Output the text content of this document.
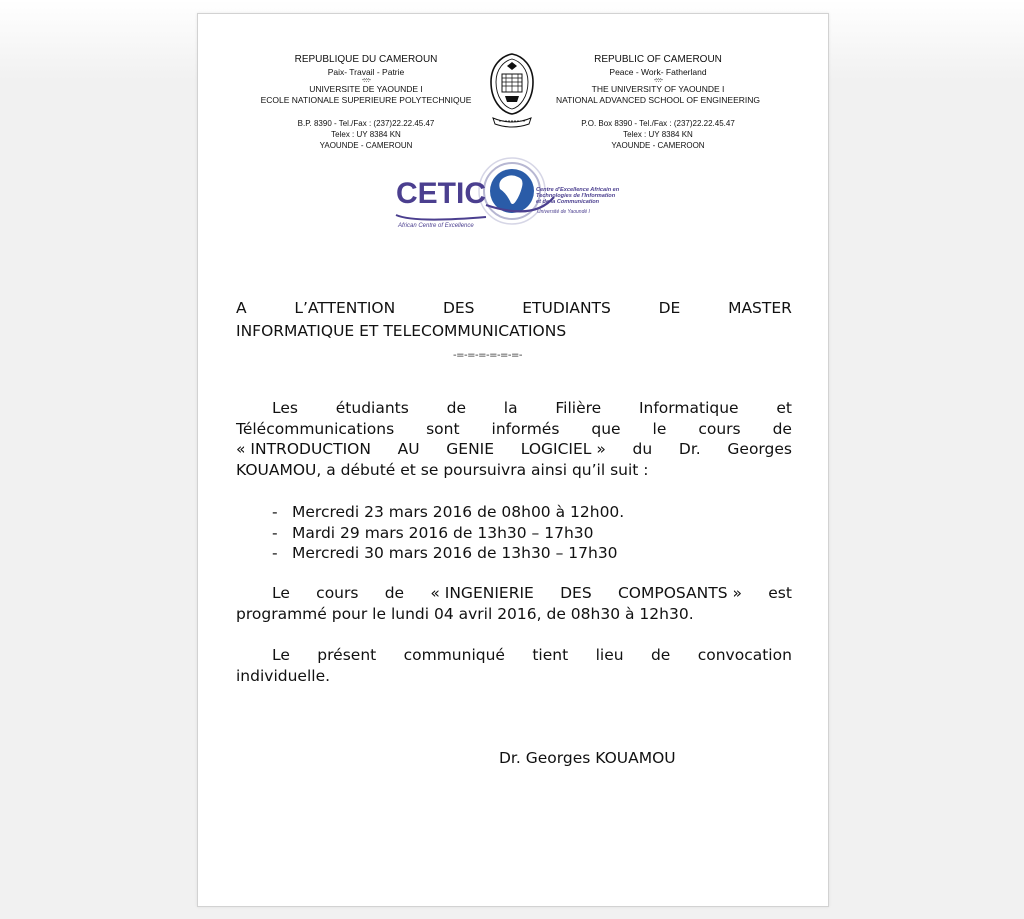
REPUBLIQUE DU CAMEROUN
Paix- Travail - Patrie
-:-:-:-
UNIVERSITE DE YAOUNDE I
ECOLE NATIONALE SUPERIEURE POLYTECHNIQUE
B.P. 8390 - Tel./Fax : (237)22.22.45.47
Telex : UY 8384 KN
YAOUNDE - CAMEROUN
REPUBLIC OF CAMEROUN
Peace - Work- Fatherland
-:-:-:-
THE UNIVERSITY OF YAOUNDE I
NATIONAL ADVANCED SCHOOL OF ENGINEERING
P.O. Box 8390 - Tel./Fax : (237)22.22.45.47
Telex : UY 8384 KN
YAOUNDE - CAMEROON
CETIC
African Centre of Excellence
Centre d'Excellence Africain en
Technologies de l'Information
et de la Communication
Université de Yaoundé I
A	L’ATTENTION	DES	ETUDIANTS	DE	MASTER
INFORMATIQUE ET TELECOMMUNICATIONS
-=-=-=-=-=-=-
Les étudiants de la Filière Informatique et
Télécommunications sont informés que le cours de
« INTRODUCTION AU GENIE LOGICIEL » du Dr. Georges
KOUAMOU, a débuté et se poursuivra ainsi qu’il suit :
- Mercredi 23 mars 2016 de 08h00 à 12h00.
- Mardi 29 mars 2016 de 13h30 – 17h30
- Mercredi 30 mars 2016 de 13h30 – 17h30
Le cours de « INGENIERIE DES COMPOSANTS » est
programmé pour le lundi 04 avril 2016, de 08h30 à 12h30.
Le présent communiqué tient lieu de convocation
individuelle.
Dr. Georges KOUAMOU
